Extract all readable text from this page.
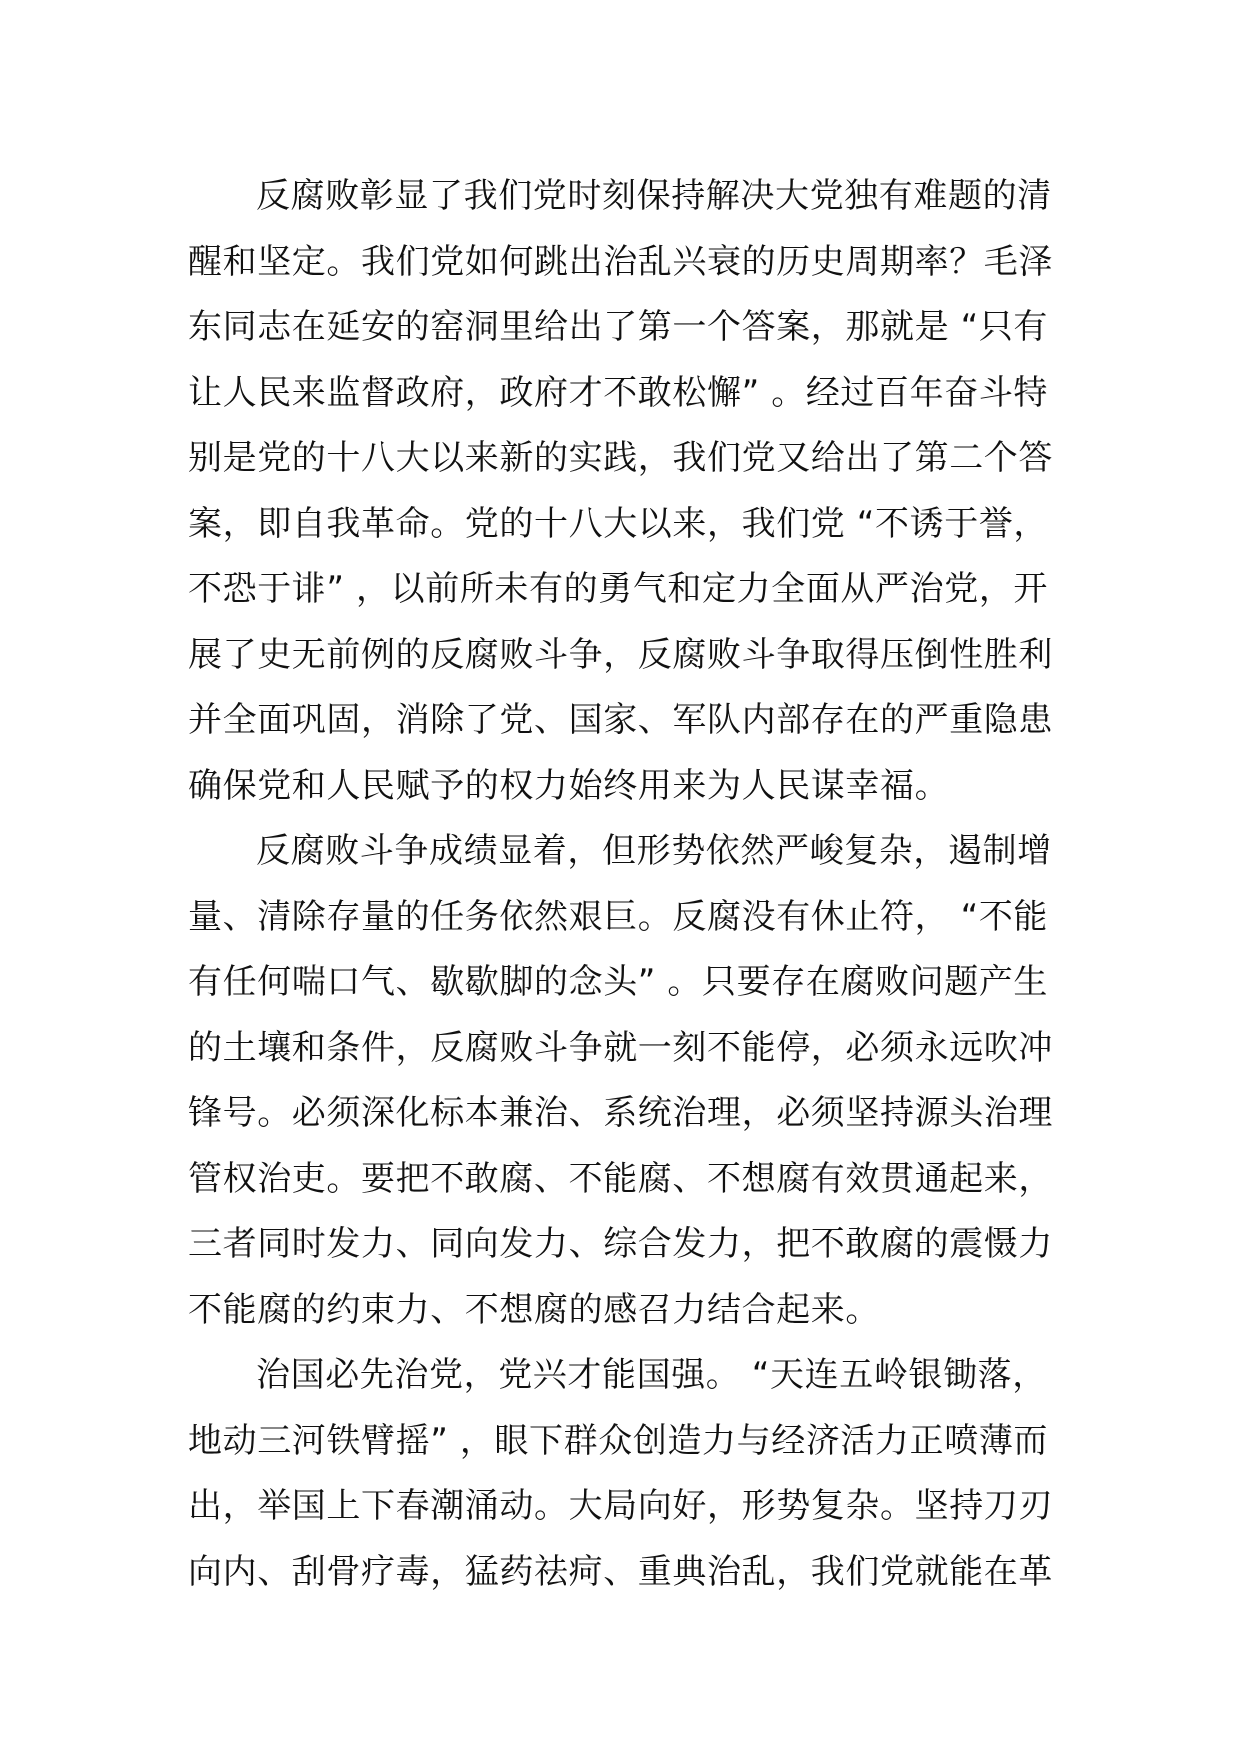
反腐败彰显了我们党时刻保持解决大党独有难题的清
醒和坚定。我们党如何跳出治乱兴衰的历史周期率？毛泽
东同志在延安的窑洞里给出了第一个答案，那就是 “只有
让人民来监督政府，政府才不敢松懈” 。经过百年奋斗特
别是党的十八大以来新的实践，我们党又给出了第二个答
案，即自我革命。党的十八大以来，我们党 “不诱于誉，
不恐于诽” ，以前所未有的勇气和定力全面从严治党，开
展了史无前例的反腐败斗争，反腐败斗争取得压倒性胜利
并全面巩固，消除了党、国家、军队内部存在的严重隐患
确保党和人民赋予的权力始终用来为人民谋幸福。
反腐败斗争成绩显着，但形势依然严峻复杂，遏制增
量、清除存量的任务依然艰巨。反腐没有休止符， “不能
有任何喘口气、歇歇脚的念头” 。只要存在腐败问题产生
的土壤和条件，反腐败斗争就一刻不能停，必须永远吹冲
锋号。必须深化标本兼治、系统治理，必须坚持源头治理
管权治吏。要把不敢腐、不能腐、不想腐有效贯通起来，
三者同时发力、同向发力、综合发力，把不敢腐的震慑力
不能腐的约束力、不想腐的感召力结合起来。
治国必先治党，党兴才能国强。 “天连五岭银锄落，
地动三河铁臂摇” ，眼下群众创造力与经济活力正喷薄而
出，举国上下春潮涌动。大局向好，形势复杂。坚持刀刃
向内、刮骨疗毒，猛药祛疴、重典治乱，我们党就能在革
